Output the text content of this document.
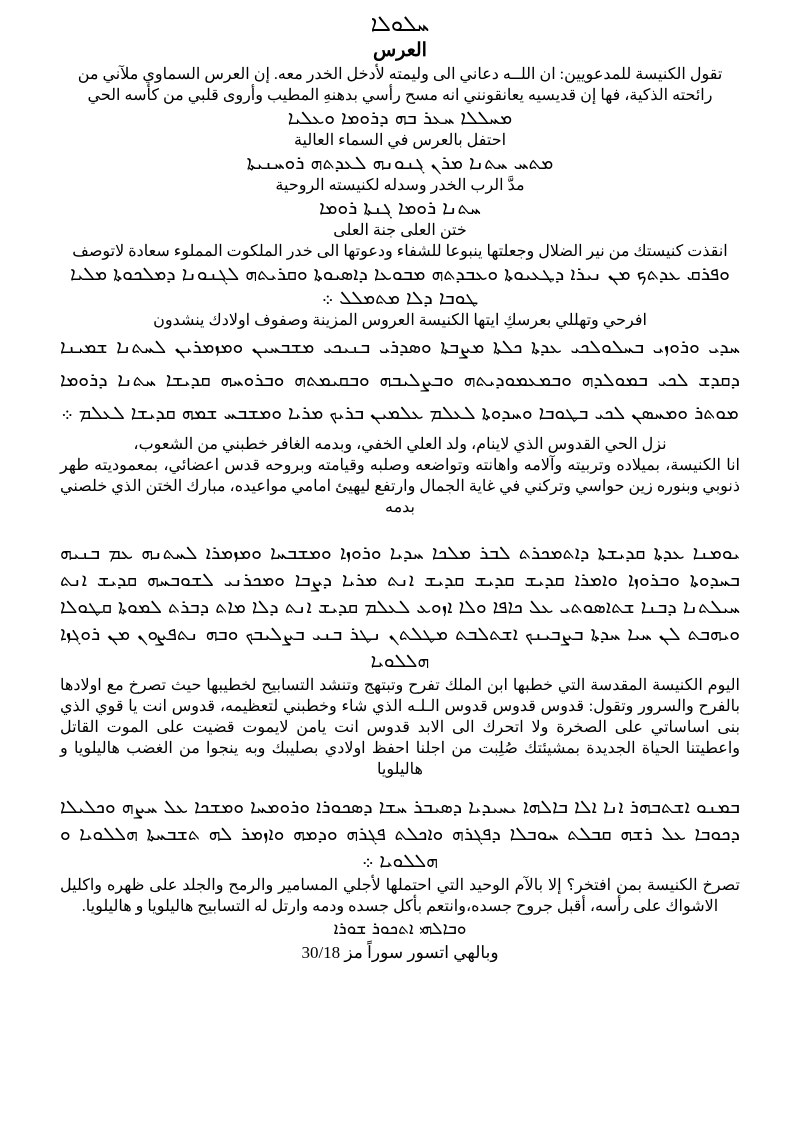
ܚܠܘܠܐ
العرس
تقول الكنيسة للمدعويين: ان اللــه دعاني الى وليمته لأدخل الخدر معه. إن العرس السماوي ملآني من رائحته الذكية، فها إن قديسيه يعانقونني انه مسح رأسي بدهنهِ المطيب وأروى قلبي من كأسه الحي
ܡܚܠܠܐ ܚܥܪ ܒܗ ܕܪܘܡܐ ܘܥܠܝܐ
احتفل بالعرس في السماء العالية
ܡܬܚ ܚܬܢܐ ܡܪܢ ܓܢܘܢܗ ܠܥܕܬܗ ܪܘܚܢܝܬܐ
مدَّ الرب الخدر وسدله لكنيسته الروحية
ܚܬܢܐ ܪܘܡܐ ܓܢܬܐ ܪܘܡܐ
ختن العلى جنة العلى
انقذت كنيستك من نير الضلال وجعلتها ينبوعا للشفاء ودعوتها الى خدر الملكوت المملوء سعادة لاتوصف
ܘܦܪܩ ܥܕܬܟ ܡܢ ܢܝܪܐ ܕܛܥܝܘܬܐ ܘܥܒܕܬܗ ܡܒܘܥܐ ܕܐܣܝܘܬܐ ܘܩܪܝܬܗ ܠܓܢܘܢܐ ܕܡܠܟܘܬܐ ܡܠܝܐ ܛܘܒܐ ܕܠܐ ܡܬܡܠܠ ܀
افرحي وتهللي بعرسكِ ايتها الكنيسة العروس المزينة وصفوف اولادك ينشدون
ܚܕܝ ܘܪܘܙܝ ܒܚܠܘܠܟܝ ܥܕܬܐ ܟܠܬܐ ܡܨܒܬܐ ܘܣܕܪܝ ܒܢܝܟܝ ܡܫܒܚܝܢ ܘܡܙܡܪܝܢ ܠܚܬܢܐ ܫܡܝܢܐ ܕܩܕܫ ܠܟܝ ܒܡܘܠܕܗ ܘܒܡܥܡܘܕܝܬܗ ܘܒܨܠܝܒܗ ܘܒܩܝܡܬܗ ܘܒܪܘܚܗ ܩܕܝܫܐ ܚܬܢܐ ܕܪܘܡܐ ܡܘܬܪ ܘܡܚܣܢ ܠܟܝ ܒܛܘܒܐ ܘܚܕܘܬܐ ܠܥܠܡ ܥܠܡܝܢ ܒܪܝܟ ܡܪܝܐ ܘܡܫܒܚ ܫܡܗ ܩܕܝܫܐ ܠܥܠܡ ܀
نزل الحي القدوس الذي لاينام، ولد العلي الخفي، وبدمه الغافر خطبني من الشعوب،
انا الكنيسة، بميلاده وتربيته وآلامه واهانته وتواضعه وصلبه وقيامته وبروحه قدس اعضائي، بمعموديته طهر ذنوبي وبنوره زين حواسي وتركني في غاية الجمال وارتفع ليهيئ امامي مواعيده، مبارك الختن الذي خلصني بدمه
ܝܘܡܢܐ ܥܕܬܐ ܩܕܝܫܬܐ ܕܐܬܡܟܪܬ ܠܒܪ ܡܠܟܐ ܚܕܝܐ ܘܪܘܙܐ ܘܡܫܒܚܐ ܘܡܙܡܪܐ ܠܚܬܢܗ ܥܡ ܒܢܝܗ ܒܚܕܘܬܐ ܘܒܪܘܙܐ ܘܐܡܪܐ ܩܕܝܫ ܩܕܝܫ ܩܕܝܫ ܐܢܬ ܡܪܝܐ ܕܨܒܐ ܘܡܟܪܢܝ ܠܫܘܒܚܗ ܩܕܝܫ ܐܢܬ ܚܝܠܬܢܐ ܕܒܢܐ ܫܬܐܣܘܬܝ ܥܠ ܟܐܦܐ ܘܠܐ ܐܙܘܥ ܠܥܠܡ ܩܕܝܫ ܐܢܬ ܕܠܐ ܡܐܬ ܕܒܪܬ ܠܡܘܬܐ ܩܛܘܠܐ ܘܝܗܒܬ ܠܢ ܚܝܐ ܚܕܬܐ ܒܨܒܝܢܟ ܐܫܬܠܒܬ ܡܛܠܬܢ ܢܛܪ ܒܢܝ ܒܨܠܝܒܟ ܘܒܗ ܢܬܦܨܘܢ ܡܢ ܪܘܓܙܐ ܗܠܠܘܝܐ
اليوم الكنيسة المقدسة التي خطبها ابن الملك تفرح وتبتهج وتنشد التسابيح لخطيبها حيث تصرخ مع اولادها بالفرح والسرور وتقول: قدوس قدوس قدوس الـلـه الذي شاء وخطبني لتعظيمه، قدوس انت يا قوي الذي بنى اساساتي على الصخرة ولا اتحرك الى الابد قدوس انت يامن لايموت قضيت على الموت القاتل واعطيتنا الحياة الجديدة بمشيئتك صُلِبت من اجلنا احفظ اولادي بصليبك وبه ينجوا من الغضب هاليلويا و هاليلويا
ܒܡܢܘ ܐܫܬܒܗܪ ܐܢܐ ܐܠܐ ܒܐܠܗܐ ܝܚܝܕܝܐ ܕܣܝܒܪ ܚܫܐ ܕܣܟܘܪܐ ܘܪܘܡܚܐ ܘܡܫܟܐ ܥܠ ܚܨܗ ܘܟܠܝܠܐ ܕܟܘܒܐ ܥܠ ܪܫܗ ܩܒܠܬ ܚܘܒܠܐ ܕܦܓܪܗ ܘܐܟܠܬ ܦܓܪܗ ܘܕܡܗ ܘܐܙܡܪ ܠܗ ܬܫܒܚܬܐ ܗܠܠܘܝܐ ܘ ܗܠܠܘܝܐ ܀
تصرخ الكنيسة بمن افتخر؟ إلا بالآم الوحيد التي احتملها لأجلي المسامير والرمح والجلد على ظهره واكليل الاشواك على رأسه، أقبل جروح جسده،وانتعم بأكل جسده ودمه وارتل له التسابيح هاليلويا و هاليلويا.
ܘܒܐܠܗܝ ܐܬܟܘܪ ܫܘܪܐ
وبالهي اتسور سوراً مز 30/18
